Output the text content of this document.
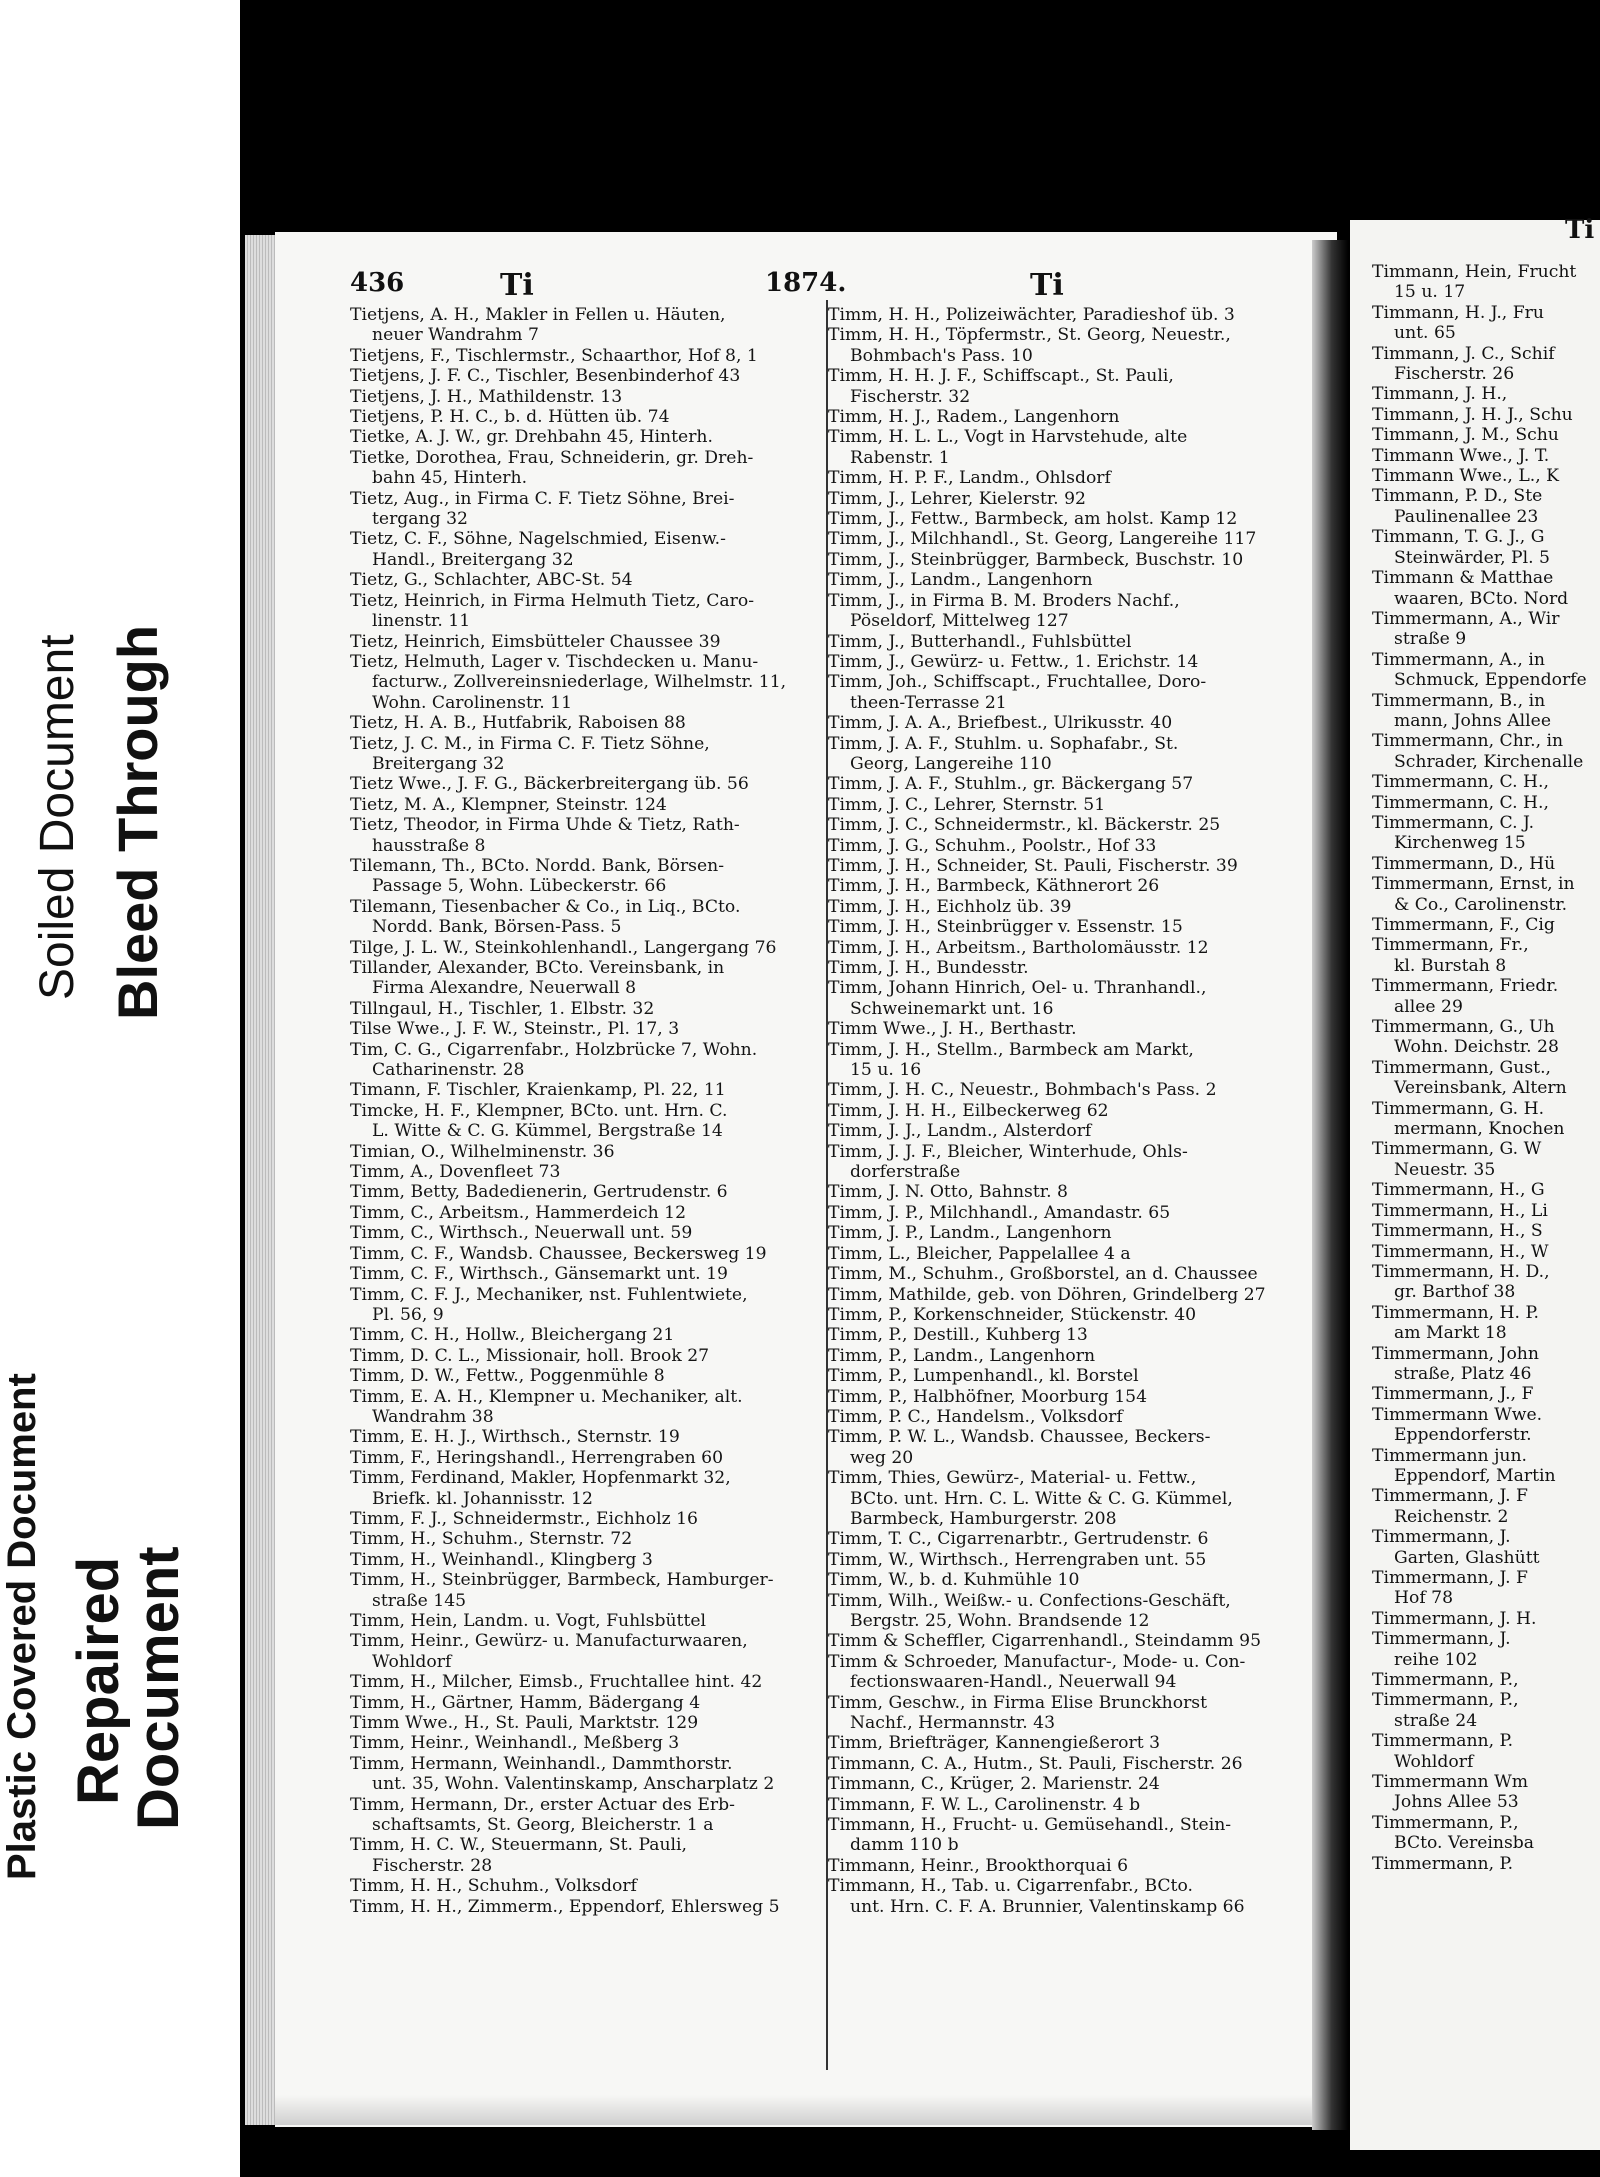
Soiled Document Bleed Through
Plastic Covered Document Repaired
Document
436	Ti	1874.	Ti
Ti
Tietjens, A. H., Makler in Fellen u. Häuten,
neuer Wandrahm 7
Tietjens, F., Tischlermstr., Schaarthor, Hof 8, 1
Tietjens, J. F. C., Tischler, Besenbinderhof 43
Tietjens, J. H., Mathildenstr. 13
Tietjens, P. H. C., b. d. Hütten üb. 74
Tietke, A. J. W., gr. Drehbahn 45, Hinterh.
Tietke, Dorothea, Frau, Schneiderin, gr. Dreh-
bahn 45, Hinterh.
Tietz, Aug., in Firma C. F. Tietz Söhne, Brei-
tergang 32
Tietz, C. F., Söhne, Nagelschmied, Eisenw.-
Handl., Breitergang 32
Tietz, G., Schlachter, ABC-St. 54
Tietz, Heinrich, in Firma Helmuth Tietz, Caro-
linenstr. 11
Tietz, Heinrich, Eimsbütteler Chaussee 39
Tietz, Helmuth, Lager v. Tischdecken u. Manu-
facturw., Zollvereinsniederlage, Wilhelmstr. 11,
Wohn. Carolinenstr. 11
Tietz, H. A. B., Hutfabrik, Raboisen 88
Tietz, J. C. M., in Firma C. F. Tietz Söhne,
Breitergang 32
Tietz Wwe., J. F. G., Bäckerbreitergang üb. 56
Tietz, M. A., Klempner, Steinstr. 124
Tietz, Theodor, in Firma Uhde & Tietz, Rath-
hausstraße 8
Tilemann, Th., BCto. Nordd. Bank, Börsen-
Passage 5, Wohn. Lübeckerstr. 66
Tilemann, Tiesenbacher & Co., in Liq., BCto.
Nordd. Bank, Börsen-Pass. 5
Tilge, J. L. W., Steinkohlenhandl., Langergang 76
Tillander, Alexander, BCto. Vereinsbank, in
Firma Alexandre, Neuerwall 8
Tillngaul, H., Tischler, 1. Elbstr. 32
Tilse Wwe., J. F. W., Steinstr., Pl. 17, 3
Tim, C. G., Cigarrenfabr., Holzbrücke 7, Wohn.
Catharinenstr. 28
Timann, F. Tischler, Kraienkamp, Pl. 22, 11
Timcke, H. F., Klempner, BCto. unt. Hrn. C.
L. Witte & C. G. Kümmel, Bergstraße 14
Timian, O., Wilhelminenstr. 36
Timm, A., Dovenfleet 73
Timm, Betty, Badedienerin, Gertrudenstr. 6
Timm, C., Arbeitsm., Hammerdeich 12
Timm, C., Wirthsch., Neuerwall unt. 59
Timm, C. F., Wandsb. Chaussee, Beckersweg 19
Timm, C. F., Wirthsch., Gänsemarkt unt. 19
Timm, C. F. J., Mechaniker, nst. Fuhlentwiete,
Pl. 56, 9
Timm, C. H., Hollw., Bleichergang 21
Timm, D. C. L., Missionair, holl. Brook 27
Timm, D. W., Fettw., Poggenmühle 8
Timm, E. A. H., Klempner u. Mechaniker, alt.
Wandrahm 38
Timm, E. H. J., Wirthsch., Sternstr. 19
Timm, F., Heringshandl., Herrengraben 60
Timm, Ferdinand, Makler, Hopfenmarkt 32,
Briefk. kl. Johannisstr. 12
Timm, F. J., Schneidermstr., Eichholz 16
Timm, H., Schuhm., Sternstr. 72
Timm, H., Weinhandl., Klingberg 3
Timm, H., Steinbrügger, Barmbeck, Hamburger-
straße 145
Timm, Hein, Landm. u. Vogt, Fuhlsbüttel
Timm, Heinr., Gewürz- u. Manufacturwaaren,
Wohldorf
Timm, H., Milcher, Eimsb., Fruchtallee hint. 42
Timm, H., Gärtner, Hamm, Bädergang 4
Timm Wwe., H., St. Pauli, Marktstr. 129
Timm, Heinr., Weinhandl., Meßberg 3
Timm, Hermann, Weinhandl., Dammthorstr.
unt. 35, Wohn. Valentinskamp, Anscharplatz 2
Timm, Hermann, Dr., erster Actuar des Erb-
schaftsamts, St. Georg, Bleicherstr. 1 a
Timm, H. C. W., Steuermann, St. Pauli,
Fischerstr. 28
Timm, H. H., Schuhm., Volksdorf
Timm, H. H., Zimmerm., Eppendorf, Ehlersweg 5
Timm, H. H., Polizeiwächter, Paradieshof üb. 3
Timm, H. H., Töpfermstr., St. Georg, Neuestr.,
Bohmbach's Pass. 10
Timm, H. H. J. F., Schiffscapt., St. Pauli,
Fischerstr. 32
Timm, H. J., Radem., Langenhorn
Timm, H. L. L., Vogt in Harvstehude, alte
Rabenstr. 1
Timm, H. P. F., Landm., Ohlsdorf
Timm, J., Lehrer, Kielerstr. 92
Timm, J., Fettw., Barmbeck, am holst. Kamp 12
Timm, J., Milchhandl., St. Georg, Langereihe 117
Timm, J., Steinbrügger, Barmbeck, Buschstr. 10
Timm, J., Landm., Langenhorn
Timm, J., in Firma B. M. Broders Nachf.,
Pöseldorf, Mittelweg 127
Timm, J., Butterhandl., Fuhlsbüttel
Timm, J., Gewürz- u. Fettw., 1. Erichstr. 14
Timm, Joh., Schiffscapt., Fruchtallee, Doro-
theen-Terrasse 21
Timm, J. A. A., Briefbest., Ulrikusstr. 40
Timm, J. A. F., Stuhlm. u. Sophafabr., St.
Georg, Langereihe 110
Timm, J. A. F., Stuhlm., gr. Bäckergang 57
Timm, J. C., Lehrer, Sternstr. 51
Timm, J. C., Schneidermstr., kl. Bäckerstr. 25
Timm, J. G., Schuhm., Poolstr., Hof 33
Timm, J. H., Schneider, St. Pauli, Fischerstr. 39
Timm, J. H., Barmbeck, Käthnerort 26
Timm, J. H., Eichholz üb. 39
Timm, J. H., Steinbrügger v. Essenstr. 15
Timm, J. H., Arbeitsm., Bartholomäusstr. 12
Timm, J. H., Bundesstr.
Timm, Johann Hinrich, Oel- u. Thranhandl.,
Schweinemarkt unt. 16
Timm Wwe., J. H., Berthastr.
Timm, J. H., Stellm., Barmbeck am Markt,
15 u. 16
Timm, J. H. C., Neuestr., Bohmbach's Pass. 2
Timm, J. H. H., Eilbeckerweg 62
Timm, J. J., Landm., Alsterdorf
Timm, J. J. F., Bleicher, Winterhude, Ohls-
dorferstraße
Timm, J. N. Otto, Bahnstr. 8
Timm, J. P., Milchhandl., Amandastr. 65
Timm, J. P., Landm., Langenhorn
Timm, L., Bleicher, Pappelallee 4 a
Timm, M., Schuhm., Großborstel, an d. Chaussee
Timm, Mathilde, geb. von Döhren, Grindelberg 27
Timm, P., Korkenschneider, Stückenstr. 40
Timm, P., Destill., Kuhberg 13
Timm, P., Landm., Langenhorn
Timm, P., Lumpenhandl., kl. Borstel
Timm, P., Halbhöfner, Moorburg 154
Timm, P. C., Handelsm., Volksdorf
Timm, P. W. L., Wandsb. Chaussee, Beckers-
weg 20
Timm, Thies, Gewürz-, Material- u. Fettw.,
BCto. unt. Hrn. C. L. Witte & C. G. Kümmel,
Barmbeck, Hamburgerstr. 208
Timm, T. C., Cigarrenarbtr., Gertrudenstr. 6
Timm, W., Wirthsch., Herrengraben unt. 55
Timm, W., b. d. Kuhmühle 10
Timm, Wilh., Weißw.- u. Confections-Geschäft,
Bergstr. 25, Wohn. Brandsende 12
Timm & Scheffler, Cigarrenhandl., Steindamm 95
Timm & Schroeder, Manufactur-, Mode- u. Con-
fectionswaaren-Handl., Neuerwall 94
Timm, Geschw., in Firma Elise Brunckhorst
Nachf., Hermannstr. 43
Timm, Briefträger, Kannengießerort 3
Timmann, C. A., Hutm., St. Pauli, Fischerstr. 26
Timmann, C., Krüger, 2. Marienstr. 24
Timmann, F. W. L., Carolinenstr. 4 b
Timmann, H., Frucht- u. Gemüsehandl., Stein-
damm 110 b
Timmann, Heinr., Brookthorquai 6
Timmann, H., Tab. u. Cigarrenfabr., BCto.
unt. Hrn. C. F. A. Brunnier, Valentinskamp 66
Timmann, Hein, Frucht
15 u. 17
Timmann, H. J., Fru
unt. 65
Timmann, J. C., Schif
Fischerstr. 26
Timmann, J. H.,
Timmann, J. H. J., Schu
Timmann, J. M., Schu
Timmann Wwe., J. T.
Timmann Wwe., L., K
Timmann, P. D., Ste
Paulinenallee 23
Timmann, T. G. J., G
Steinwärder, Pl. 5
Timmann & Matthae
waaren, BCto. Nord
Timmermann, A., Wir
straße 9
Timmermann, A., in
Schmuck, Eppendorfe
Timmermann, B., in
mann, Johns Allee
Timmermann, Chr., in
Schrader, Kirchenalle
Timmermann, C. H.,
Timmermann, C. H.,
Timmermann, C. J.
Kirchenweg 15
Timmermann, D., Hü
Timmermann, Ernst, in
& Co., Carolinenstr.
Timmermann, F., Cig
Timmermann, Fr.,
kl. Burstah 8
Timmermann, Friedr.
allee 29
Timmermann, G., Uh
Wohn. Deichstr. 28
Timmermann, Gust.,
Vereinsbank, Altern
Timmermann, G. H.
mermann, Knochen
Timmermann, G. W
Neuestr. 35
Timmermann, H., G
Timmermann, H., Li
Timmermann, H., S
Timmermann, H., W
Timmermann, H. D.,
gr. Barthof 38
Timmermann, H. P.
am Markt 18
Timmermann, John
straße, Platz 46
Timmermann, J., F
Timmermann Wwe.
Eppendorferstr.
Timmermann jun.
Eppendorf, Martin
Timmermann, J. F
Reichenstr. 2
Timmermann, J.
Garten, Glashütt
Timmermann, J. F
Hof 78
Timmermann, J. H.
Timmermann, J.
reihe 102
Timmermann, P.,
Timmermann, P.,
straße 24
Timmermann, P.
Wohldorf
Timmermann Wm
Johns Allee 53
Timmermann, P.,
BCto. Vereinsba
Timmermann, P.
